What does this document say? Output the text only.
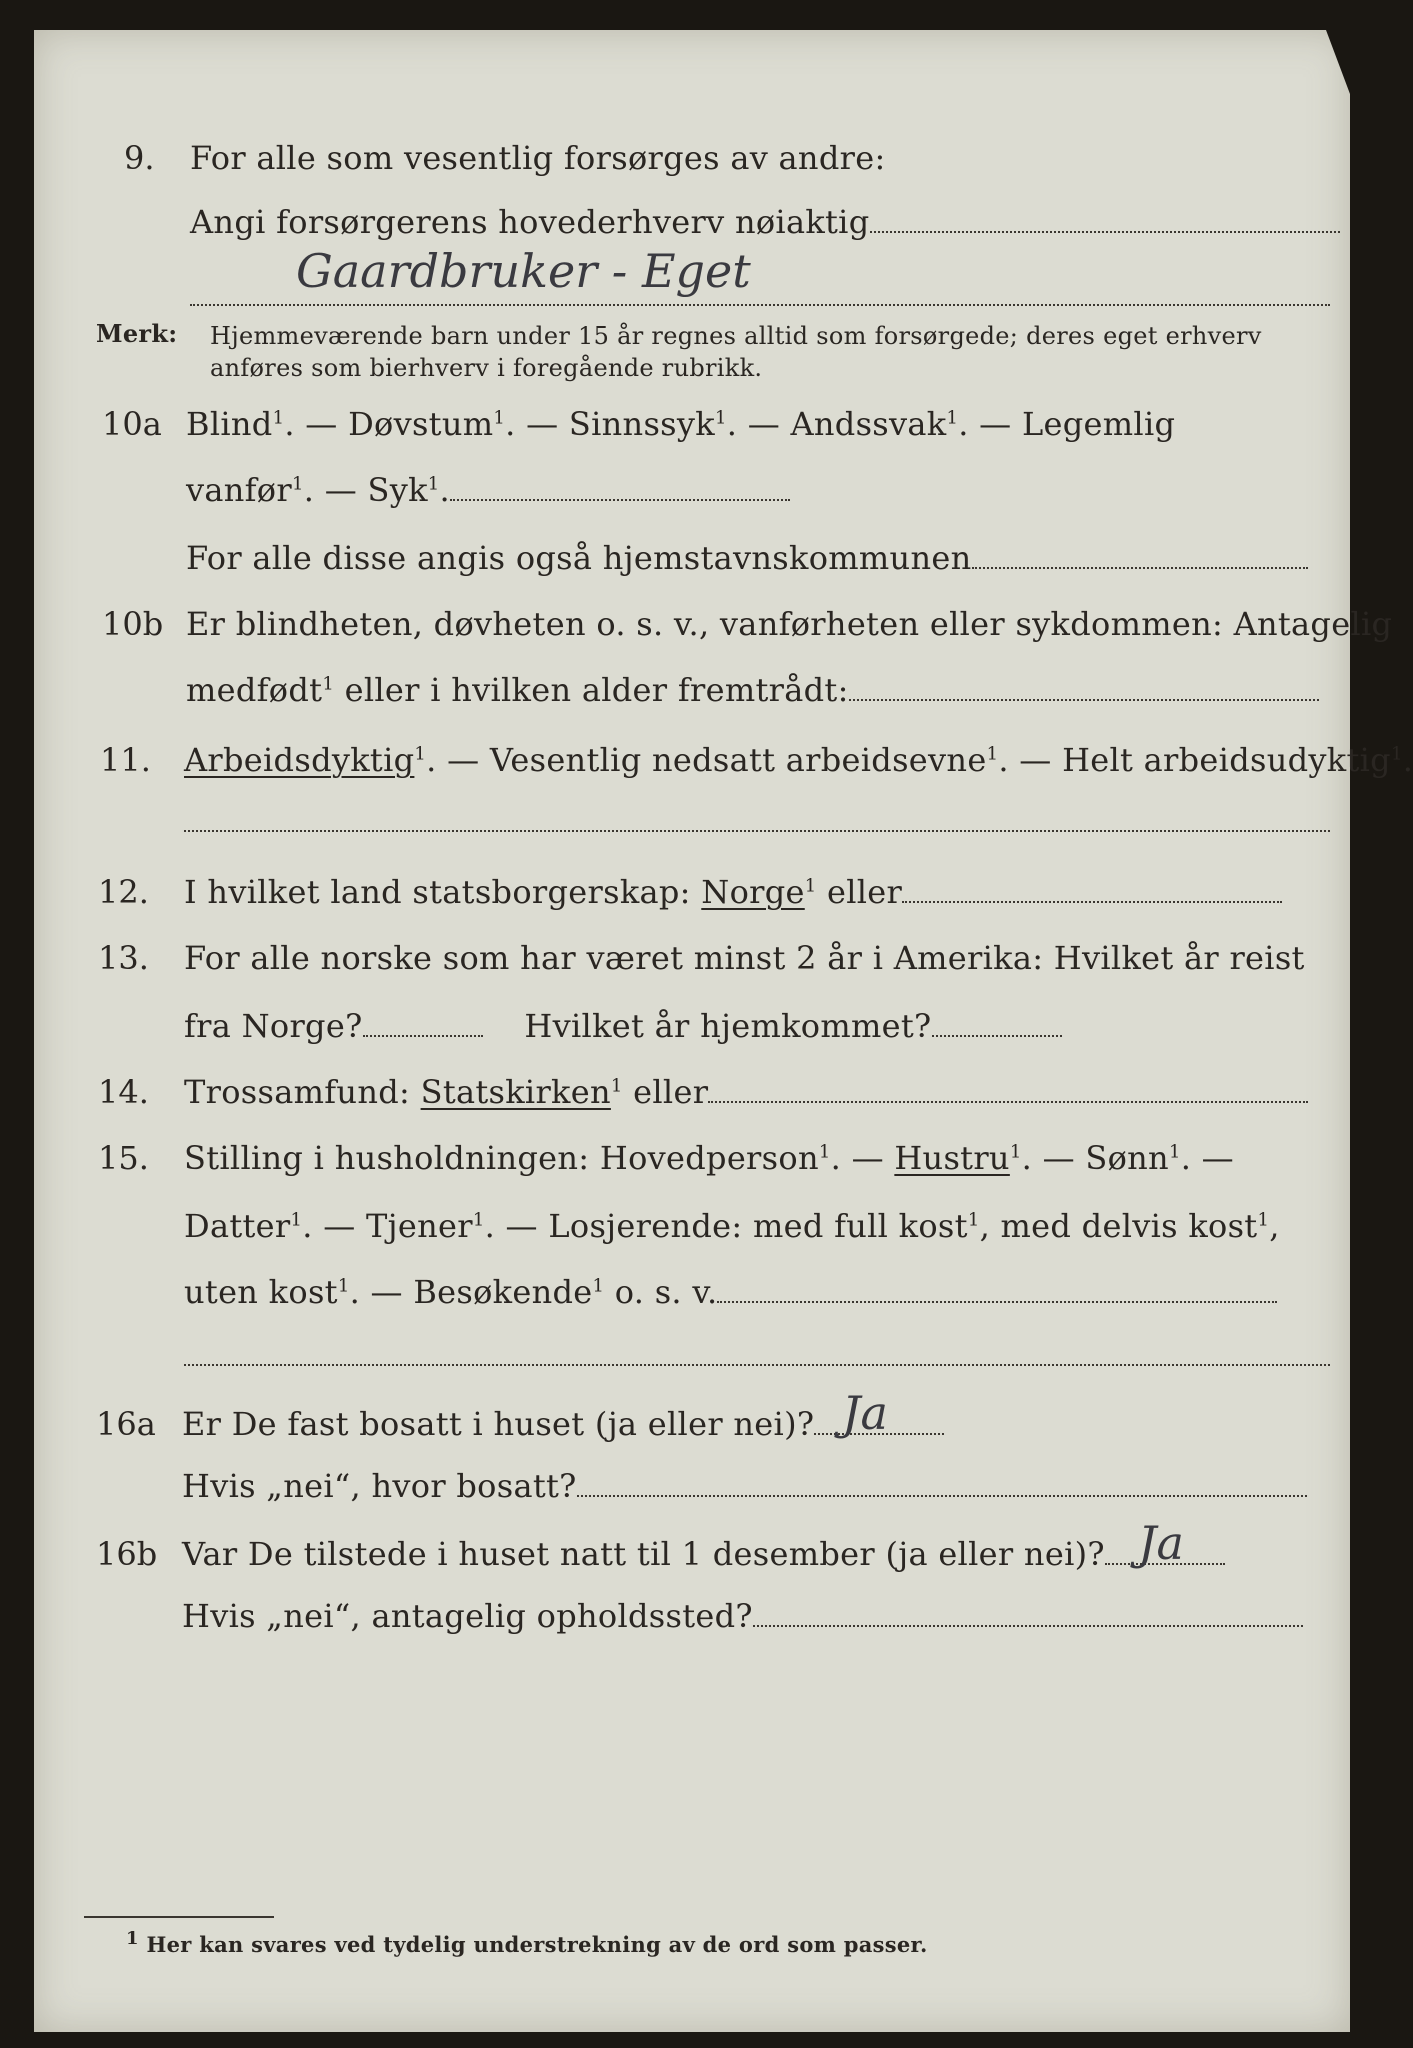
9. For alle som vesentlig forsørges av andre:
Angi forsørgerens hovederhverv nøiaktig
Gaardbruker - Eget
Merk: Hjemmeværende barn under 15 år regnes alltid som forsørgede; deres eget erhverv
anføres som bierhverv i foregående rubrikk.
10a Blind$^1$. — Døvstum$^1$. — Sinnssyk$^1$. — Andssvak$^1$. — Legemlig
vanfør$^1$. — Syk$^1$.
For alle disse angis også hjemstavnskommunen
10b Er blindheten, døvheten o. s. v., vanførheten eller sykdommen: Antagelig
medfødt$^1$ eller i hvilken alder fremtrådt:
11. Arbeidsdyktig$^1$. — Vesentlig nedsatt arbeidsevne$^1$. — Helt arbeidsudyktig$^1$.
12. I hvilket land statsborgerskap: Norge$^1$ eller
13. For alle norske som har været minst 2 år i Amerika: Hvilket år reist
fra Norge?	Hvilket år hjemkommet?
14. Trossamfund: Statskirken$^1$ eller
15. Stilling i husholdningen: Hovedperson$^1$. — Hustru$^1$. — Sønn$^1$. —
Datter$^1$. — Tjener$^1$. — Losjerende: med full kost$^1$, med delvis kost$^1$,
uten kost$^1$. — Besøkende$^1$ o. s. v.
16a Er De fast bosatt i huset (ja eller nei)? Ja
Hvis „nei“, hvor bosatt?
16b Var De tilstede i huset natt til 1 desember (ja eller nei)? Ja
Hvis „nei“, antagelig opholdssted?
$^1$ Her kan svares ved tydelig understrekning av de ord som passer.
